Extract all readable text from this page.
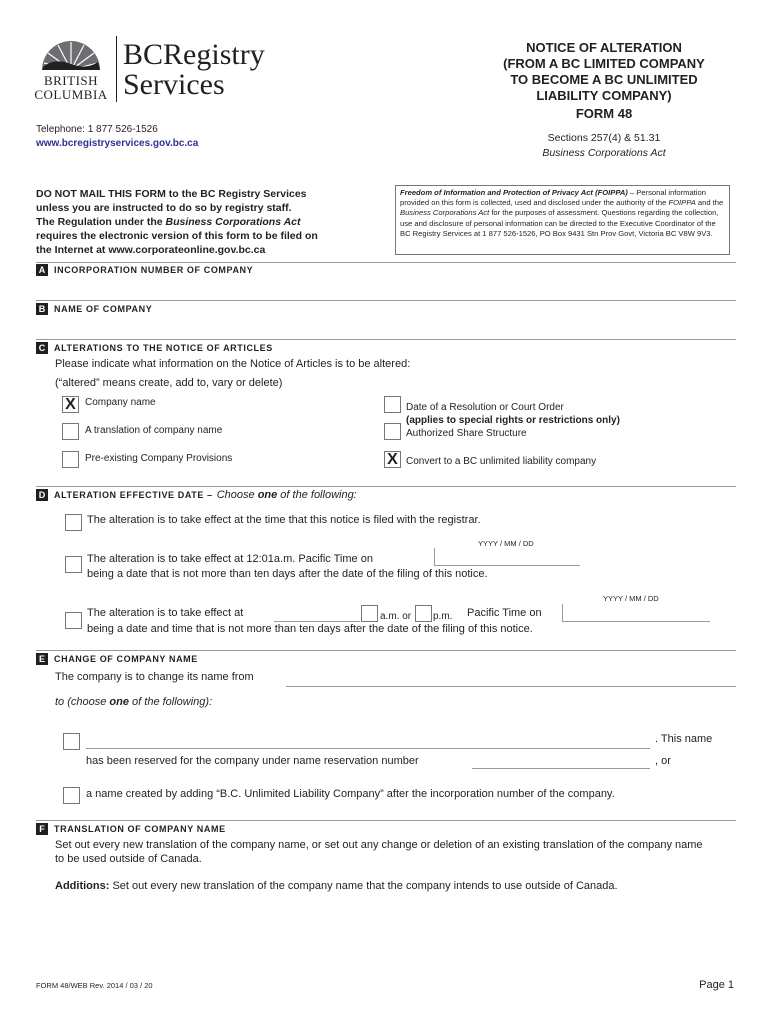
BRITISH
COLUMBIA
BCRegistry
Services
Telephone: 1 877 526-1526
www.bcregistryservices.gov.bc.ca
NOTICE OF ALTERATION
(FROM A BC LIMITED COMPANY
TO BECOME A BC UNLIMITED
LIABILITY COMPANY)
FORM 48
Sections 257(4) & 51.31
Business Corporations Act
DO NOT MAIL THIS FORM to the BC Registry Services
unless you are instructed to do so by registry staff.
The Regulation under the Business Corporations Act
requires the electronic version of this form to be filed on
the Internet at www.corporateonline.gov.bc.ca
Freedom of Information and Protection of Privacy Act (FOIPPA) – Personal information provided on this form is collected, used and disclosed under the authority of the FOIPPA and the Business Corporations Act for the purposes of assessment. Questions regarding the collection, use and disclosure of personal information can be directed to the Executive Coordinator of the BC Registry Services at 1 877 526-1526, PO Box 9431 Stn Prov Govt, Victoria BC V8W 9V3.
A INCORPORATION NUMBER OF COMPANY
B NAME OF COMPANY
C ALTERATIONS TO THE NOTICE OF ARTICLES
Please indicate what information on the Notice of Articles is to be altered:
(“altered” means create, add to, vary or delete)
X Company name
A translation of company name
Pre-existing Company Provisions
Date of a Resolution or Court Order
(applies to special rights or restrictions only)
Authorized Share Structure
X Convert to a BC unlimited liability company
D ALTERATION EFFECTIVE DATE – Choose one of the following:
The alteration is to take effect at the time that this notice is filed with the registrar.
YYYY / MM / DD
The alteration is to take effect at 12:01a.m. Pacific Time on
being a date that is not more than ten days after the date of the filing of this notice.
YYYY / MM / DD
The alteration is to take effect at	a.m. or p.m. Pacific Time on
being a date and time that is not more than ten days after the date of the filing of this notice.
E	CHANGE OF COMPANY NAME
The company is to change its name from
to (choose one of the following):
. This name
has been reserved for the company under name reservation number	, or
a name created by adding “B.C. Unlimited Liability Company” after the incorporation number of the company.
F	TRANSLATION OF COMPANY NAME
Set out every new translation of the company name, or set out any change or deletion of an existing translation of the company name
to be used outside of Canada.
Additions: Set out every new translation of the company name that the company intends to use outside of Canada.
FORM 48/WEB Rev. 2014 / 03 / 20	Page 1
